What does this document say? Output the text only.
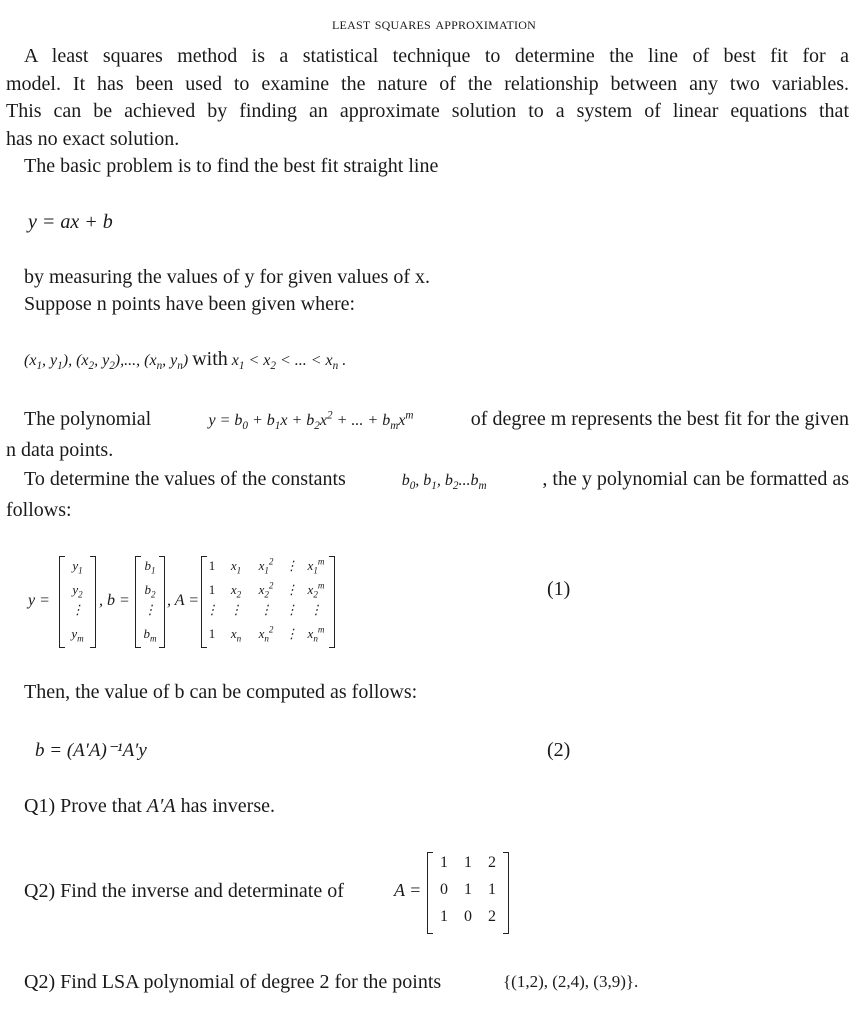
least squares approximation
A least squares method is a statistical technique to determine the line of best fit for a
model. It has been used to examine the nature of the relationship between any two variables.
This can be achieved by finding an approximate solution to a system of linear equations that
has no exact solution.
The basic problem is to find the best fit straight line
y = ax + b
by measuring the values of y for given values of x.
Suppose n points have been given where:
($x_1$, $y_1$), ($x_2$, $y_2$),..., ($x_n$, $y_n$) with $x_1 < x_2$ < ... < $x_n$ .
The polynomial	$y = b_0 + b_1x + b_2x^2$ + ... + $b_mx^m$	of degree m represents the best fit for the given
n data points.
To determine the values of the constants	$b_0$, $b_1$, $b_2...b_m$	, the y polynomial can be formatted as
follows:
y =
$y_1$
$y_2$
⋮
$y_m$
, b =
$b_1$
$b_2$
⋮
$b_m$
, A =
1 $x_1$ $x_1^2$ ⋮ $x_1^m$
1 $x_2$ $x_2^2$ ⋮ $x_2^m$
⋮ ⋮	⋮ ⋮ ⋮
1 $x_n$ $x_n^2$ ⋮ $x_n^m$
(1)
Then, the value of b can be computed as follows:
b = (A′A)⁻¹A′y	(2)
Q1) Prove that A′A has inverse.
Q2) Find the inverse and determinate of	A =
1	1	2
0	1	1
1	0	2
Q2) Find LSA polynomial of degree 2 for the points	{(1,2), (2,4), (3,9)}.
